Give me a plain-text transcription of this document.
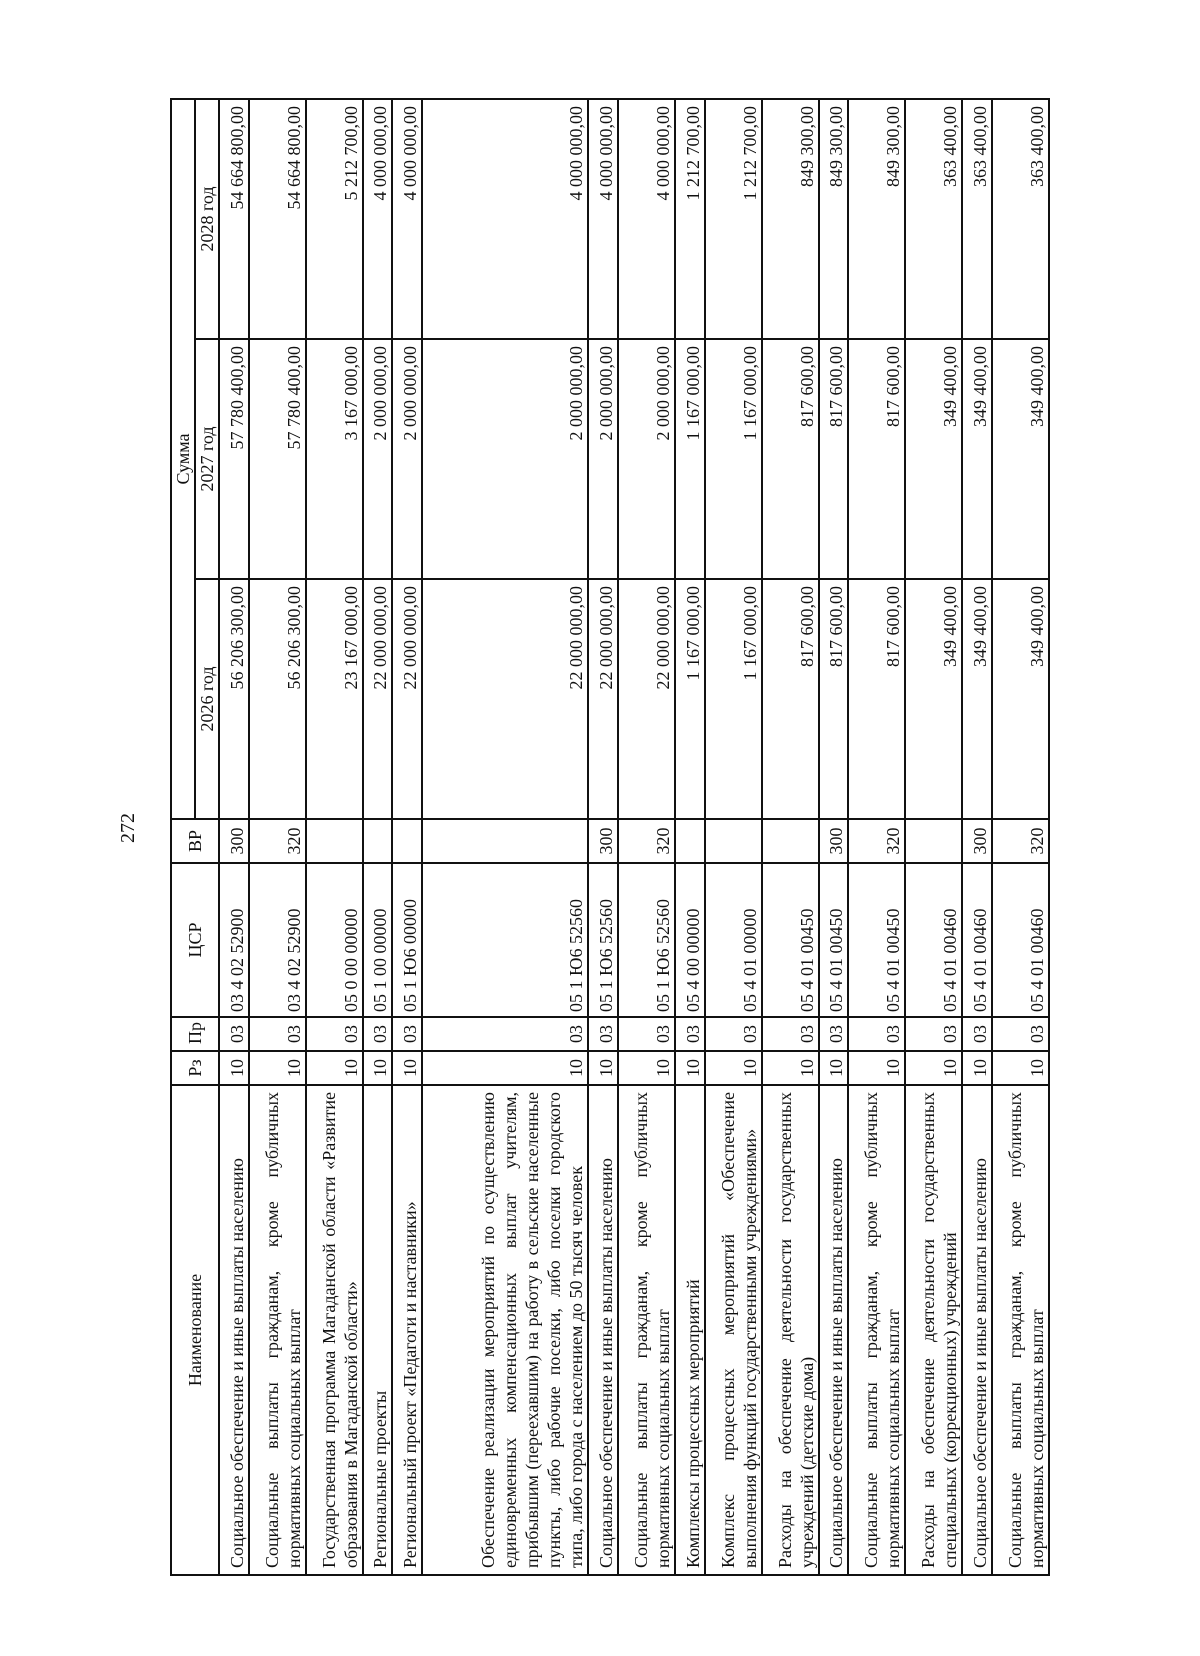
272
Наименование	Рз	Пр	ЦСР	ВР	Сумма		
					2026 год	2027 год	2028 год
Социальное обеспечение и иные выплаты населению	10	03	03 4 02 52900	300	56 206 300,00	57 780 400,00	54 664 800,00
Социальные выплаты гражданам, кроме публичных нормативных социальных выплат	10	03	03 4 02 52900	320	56 206 300,00	57 780 400,00	54 664 800,00
Государственная программа Магаданской области «Развитие образования в Магаданской области»	10	03	05 0 00 00000		23 167 000,00	3 167 000,00	5 212 700,00
Региональные проекты	10	03	05 1 00 00000		22 000 000,00	2 000 000,00	4 000 000,00
Региональный проект «Педагоги и наставники»	10	03	05 1 Ю6 00000		22 000 000,00	2 000 000,00	4 000 000,00
Обеспечение реализации мероприятий по осуществлению единовременных компенсационных выплат учителям, прибывшим (переехавшим) на работу в сельские населенные пункты, либо рабочие поселки, либо поселки городского типа, либо города с населением до 50 тысяч человек	10	03	05 1 Ю6 52560		22 000 000,00	2 000 000,00	4 000 000,00
Социальное обеспечение и иные выплаты населению	10	03	05 1 Ю6 52560	300	22 000 000,00	2 000 000,00	4 000 000,00
Социальные выплаты гражданам, кроме публичных нормативных социальных выплат	10	03	05 1 Ю6 52560	320	22 000 000,00	2 000 000,00	4 000 000,00
Комплексы процессных мероприятий	10	03	05 4 00 00000		1 167 000,00	1 167 000,00	1 212 700,00
Комплекс процессных мероприятий «Обеспечение выполнения функций государственными учреждениями»	10	03	05 4 01 00000		1 167 000,00	1 167 000,00	1 212 700,00
Расходы на обеспечение деятельности государственных учреждений (детские дома)	10	03	05 4 01 00450		817 600,00	817 600,00	849 300,00
Социальное обеспечение и иные выплаты населению	10	03	05 4 01 00450	300	817 600,00	817 600,00	849 300,00
Социальные выплаты гражданам, кроме публичных нормативных социальных выплат	10	03	05 4 01 00450	320	817 600,00	817 600,00	849 300,00
Расходы на обеспечение деятельности государственных специальных (коррекционных) учреждений	10	03	05 4 01 00460		349 400,00	349 400,00	363 400,00
Социальное обеспечение и иные выплаты населению	10	03	05 4 01 00460	300	349 400,00	349 400,00	363 400,00
Социальные выплаты гражданам, кроме публичных нормативных социальных выплат	10	03	05 4 01 00460	320	349 400,00	349 400,00	363 400,00
